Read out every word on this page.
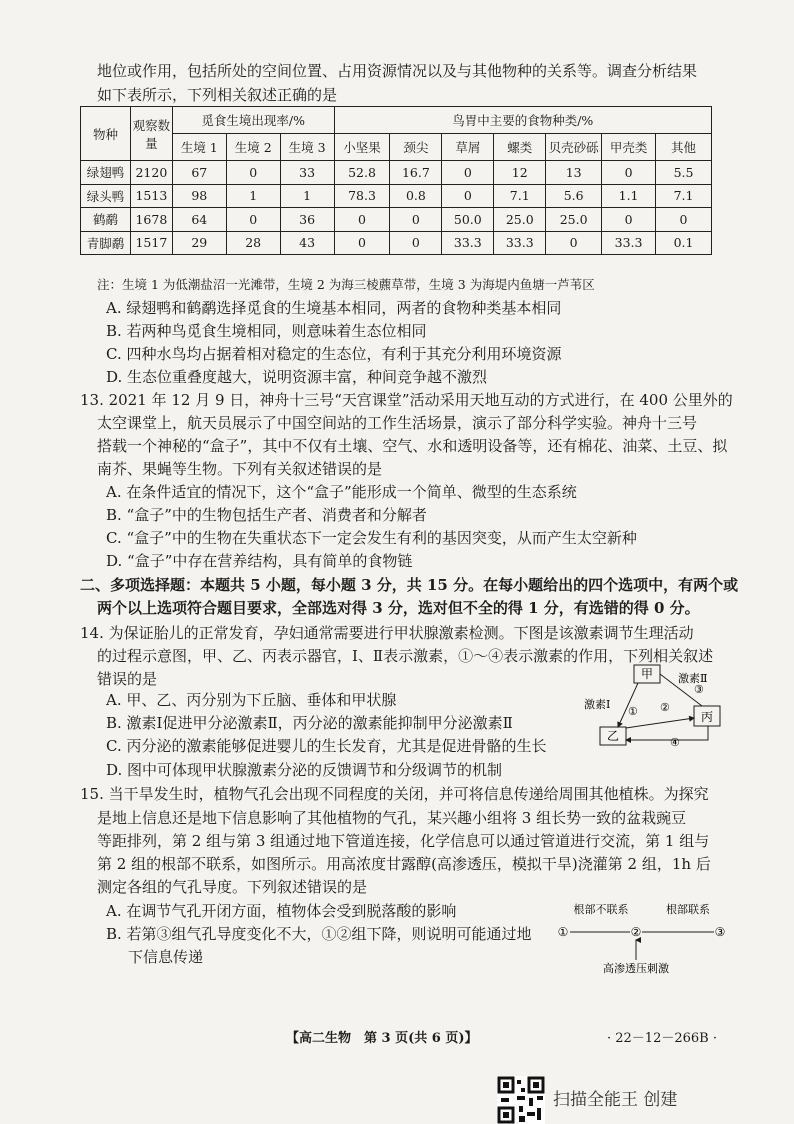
地位或作用，包括所处的空间位置、占用资源情况以及与其他物种的关系等。调查分析结果
如下表所示，下列相关叙述正确的是
物种	观察数量	觅食生境出现率/%			鸟胃中主要的食物种类/%						
		生境 1	生境 2	生境 3	小坚果	颈尖	草屑	螺类	贝壳砂砾	甲壳类	其他
绿翅鸭	2120	67	0	33	52.8	16.7	0	12	13	0	5.5
绿头鸭	1513	98	1	1	78.3	0.8	0	7.1	5.6	1.1	7.1
鹤鹬	1678	64	0	36	0	0	50.0	25.0	25.0	0	0
青脚鹬	1517	29	28	43	0	0	33.3	33.3	0	33.3	0.1
注：生境 1 为低潮盐沼一光滩带，生境 2 为海三棱藨草带，生境 3 为海堤内鱼塘一芦苇区
A. 绿翅鸭和鹤鹬选择觅食的生境基本相同，两者的食物种类基本相同
B. 若两种鸟觅食生境相同，则意味着生态位相同
C. 四种水鸟均占据着相对稳定的生态位，有利于其充分利用环境资源
D. 生态位重叠度越大，说明资源丰富，种间竞争越不激烈
13. 2021 年 12 月 9 日，神舟十三号“天宫课堂”活动采用天地互动的方式进行，在 400 公里外的
太空课堂上，航天员展示了中国空间站的工作生活场景，演示了部分科学实验。神舟十三号
搭载一个神秘的“盒子”，其中不仅有土壤、空气、水和透明设备等，还有棉花、油菜、土豆、拟
南芥、果蝇等生物。下列有关叙述错误的是
A. 在条件适宜的情况下，这个“盒子”能形成一个简单、微型的生态系统
B. “盒子”中的生物包括生产者、消费者和分解者
C. “盒子”中的生物在失重状态下一定会发生有利的基因突变，从而产生太空新种
D. “盒子”中存在营养结构，具有简单的食物链
二、多项选择题：本题共 5 小题，每小题 3 分，共 15 分。在每小题给出的四个选项中，有两个或
两个以上选项符合题目要求，全部选对得 3 分，选对但不全的得 1 分，有选错的得 0 分。
14. 为保证胎儿的正常发育，孕妇通常需要进行甲状腺激素检测。下图是该激素调节生理活动
的过程示意图，甲、乙、丙表示器官，Ⅰ、Ⅱ表示激素，①～④表示激素的作用，下列相关叙述
错误的是
A. 甲、乙、丙分别为下丘脑、垂体和甲状腺
B. 激素Ⅰ促进甲分泌激素Ⅱ，丙分泌的激素能抑制甲分泌激素Ⅱ
C. 丙分泌的激素能够促进婴儿的生长发育，尤其是促进骨骼的生长
D. 图中可体现甲状腺激素分泌的反馈调节和分级调节的机制
甲
丙
乙
激素Ⅰ
激素Ⅱ
① ②
③
④
15. 当干旱发生时，植物气孔会出现不同程度的关闭，并可将信息传递给周围其他植株。为探究
是地上信息还是地下信息影响了其他植物的气孔，某兴趣小组将 3 组长势一致的盆栽豌豆
等距排列，第 2 组与第 3 组通过地下管道连接，化学信息可以通过管道进行交流，第 1 组与
第 2 组的根部不联系，如图所示。用高浓度甘露醇(高渗透压，模拟干旱)浇灌第 2 组，1h 后
测定各组的气孔导度。下列叙述错误的是
A. 在调节气孔开闭方面，植物体会受到脱落酸的影响
B. 若第③组气孔导度变化不大，①②组下降，则说明可能通过地
下信息传递
根部不联系	根部联系
①	②	③
高渗透压刺激
【高二生物　第 3 页(共 6 页)】	· 22－12－266B ·
扫描全能王 创建
